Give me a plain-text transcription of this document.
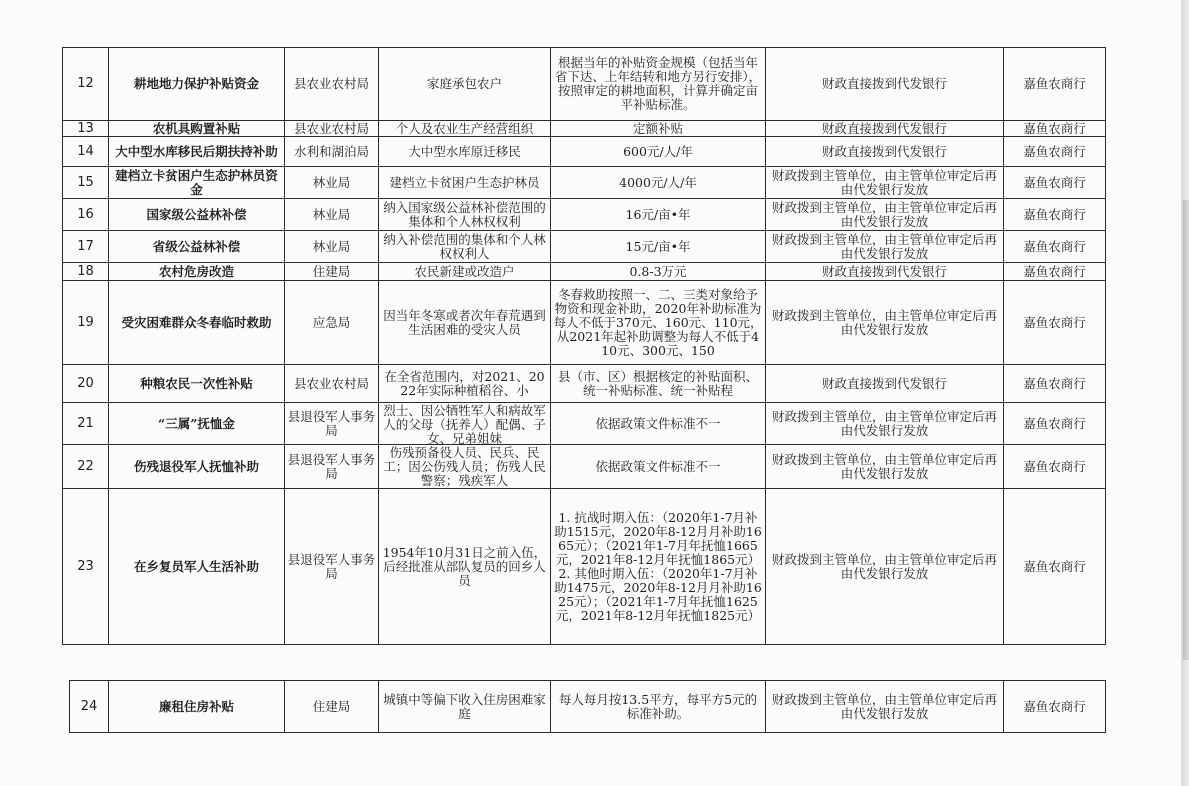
12	耕地地力保护补贴资金	县农业农村局	家庭承包农户	根据当年的补贴资金规模（包括当年省下达、上年结转和地方另行安排），按照审定的耕地面积，计算并确定亩平补贴标准。	财政直接拨到代发银行	嘉鱼农商行

13	农机具购置补贴	县农业农村局	个人及农业生产经营组织	定额补贴	财政直接拨到代发银行	嘉鱼农商行

14	大中型水库移民后期扶持补助	水利和湖泊局	大中型水库原迁移民	600元/人/年	财政直接拨到代发银行	嘉鱼农商行

15	建档立卡贫困户生态护林员资金	林业局	建档立卡贫困户生态护林员	4000元/人/年	财政拨到主管单位，由主管单位审定后再由代发银行发放	嘉鱼农商行

16	国家级公益林补偿	林业局	纳入国家级公益林补偿范围的集体和个人林权权利	16元/亩•年	财政拨到主管单位，由主管单位审定后再由代发银行发放	嘉鱼农商行

17	省级公益林补偿	林业局	纳入补偿范围的集体和个人林权权利人	15元/亩•年	财政拨到主管单位，由主管单位审定后再由代发银行发放	嘉鱼农商行

18	农村危房改造	住建局	农民新建或改造户	0.8-3万元	财政直接拨到代发银行	嘉鱼农商行

19	受灾困难群众冬春临时救助	应急局	因当年冬寒或者次年春荒遇到生活困难的受灾人员	冬春救助按照一、二、三类对象给予物资和现金补助，2020年补助标准为每人不低于370元、160元、110元，从2021年起补助调整为每人不低于410元、300元、150	财政拨到主管单位，由主管单位审定后再由代发银行发放	嘉鱼农商行

20	种粮农民一次性补贴	县农业农村局	在全省范围内，对2021、2022年实际种植稻谷、小	县（市、区）根据核定的补贴面积、统一补贴标准、统一补贴程	财政直接拨到代发银行	嘉鱼农商行

21	“三属”抚恤金	县退役军人事务局	烈士、因公牺牲军人和病故军人的父母（抚养人）配偶、子女、兄弟姐妹	依据政策文件标准不一	财政拨到主管单位，由主管单位审定后再由代发银行发放	嘉鱼农商行

22	伤残退役军人抚恤补助	县退役军人事务局	伤残预备役人员、民兵、民工；因公伤残人员；伤残人民警察；残疾军人	依据政策文件标准不一	财政拨到主管单位，由主管单位审定后再由代发银行发放	嘉鱼农商行

23	在乡复员军人生活补助	县退役军人事务局	1954年10月31日之前入伍，后经批准从部队复员的回乡人员	1. 抗战时期入伍：（2020年1-7月补助1515元，2020年8-12月月补助1665元）；（2021年1-7月年抚恤1665元，2021年8-12月年抚恤1865元） 2. 其他时期入伍：（2020年1-7月补助1475元，2020年8-12月月补助1625元）；（2021年1-7月年抚恤1625元，2021年8-12月年抚恤1825元）	财政拨到主管单位，由主管单位审定后再由代发银行发放	嘉鱼农商行
24	廉租住房补贴	住建局	城镇中等偏下收入住房困难家庭	每人每月按13.5平方，每平方5元的标准补助。	财政拨到主管单位，由主管单位审定后再由代发银行发放	嘉鱼农商行
